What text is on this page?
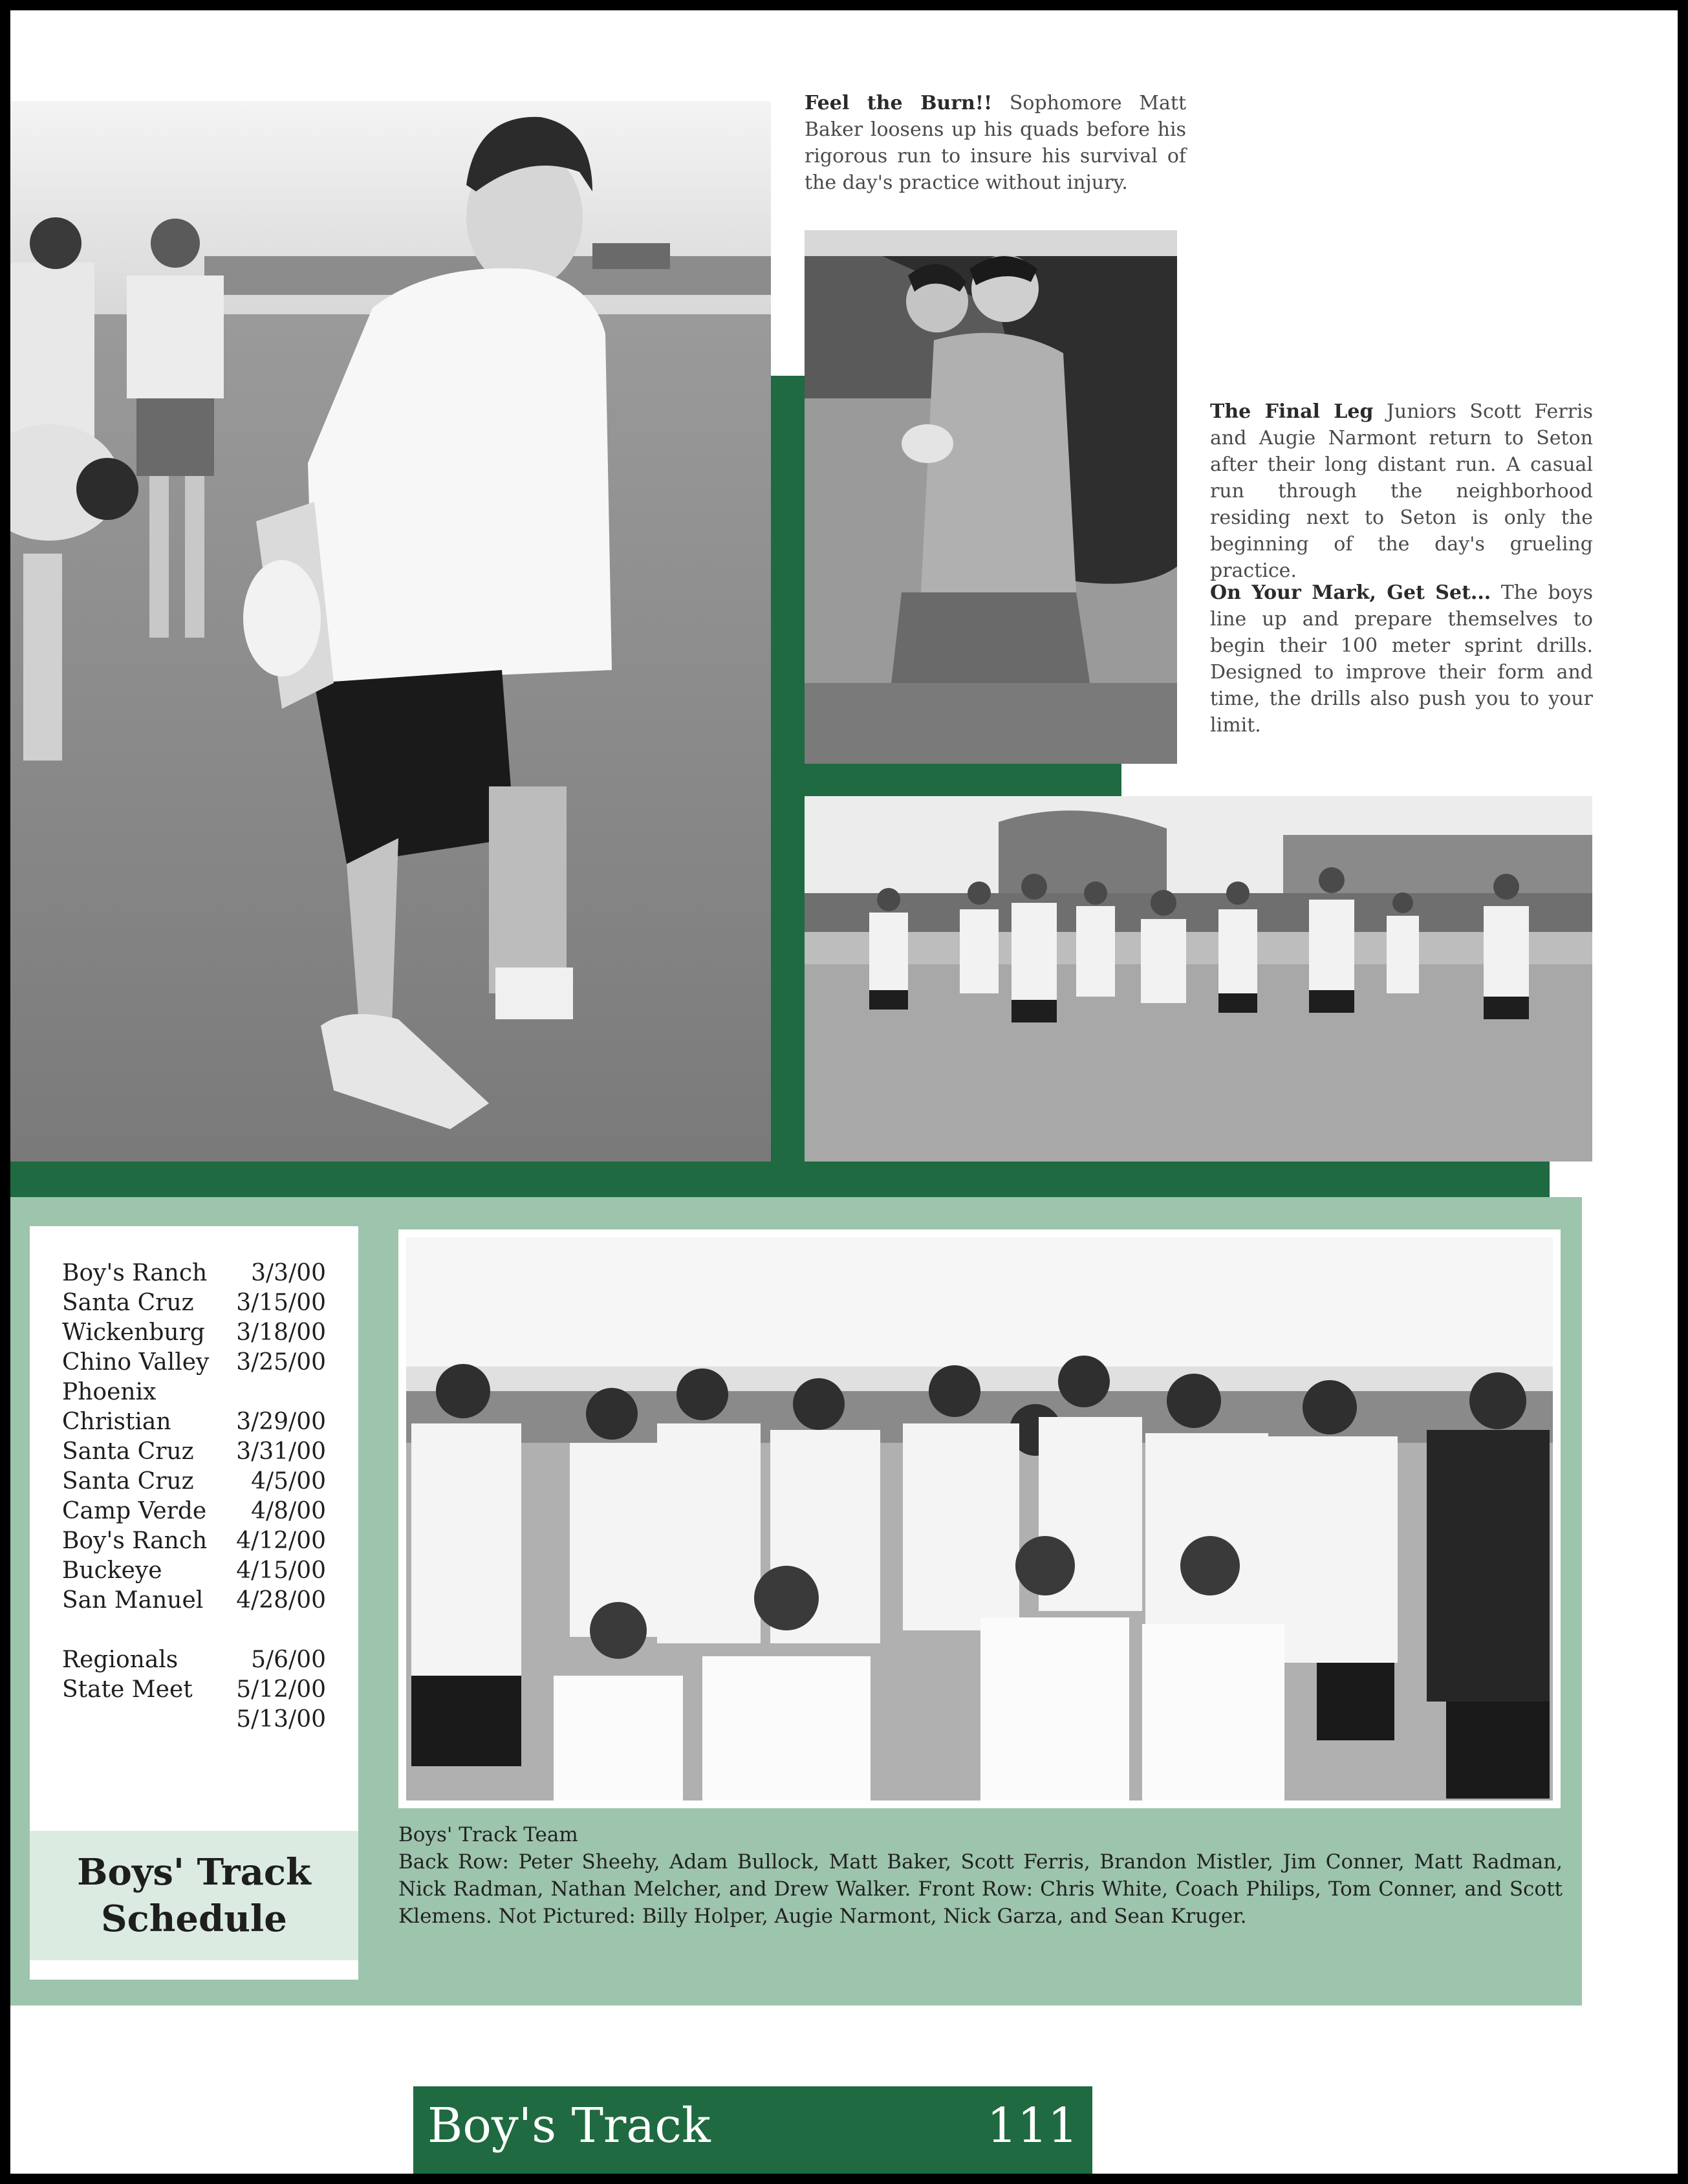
Feel the Burn!! Sophomore Matt Baker loosens up his quads before his rigorous run to insure his survival of the day's practice without injury.
The Final Leg Juniors Scott Ferris and Augie Narmont return to Seton after their long distant run. A casual run through the neighborhood residing next to Seton is only the beginning of the day's grueling practice.
On Your Mark, Get Set... The boys line up and prepare themselves to begin their 100 meter sprint drills. Designed to improve their form and time, the drills also push you to your limit.
Boy's Ranch 3/3/00
Santa Cruz 3/15/00
Wickenburg 3/18/00
Chino Valley 3/25/00
Phoenix
Christian	3/29/00
Santa Cruz 3/31/00
Santa Cruz 4/5/00
Camp Verde 4/8/00
Boy's Ranch 4/12/00
Buckeye	4/15/00
San Manuel 4/28/00
Regionals	5/6/00
State Meet 5/12/00
5/13/00
Boys' Track
Schedule
Boys' Track Team
Back Row: Peter Sheehy, Adam Bullock, Matt Baker, Scott Ferris, Brandon Mistler, Jim Conner, Matt Radman, Nick Radman, Nathan Melcher, and Drew Walker. Front Row: Chris White, Coach Philips, Tom Conner, and Scott Klemens. Not Pictured: Billy Holper, Augie Narmont, Nick Garza, and Sean Kruger.
Boy's Track	111
